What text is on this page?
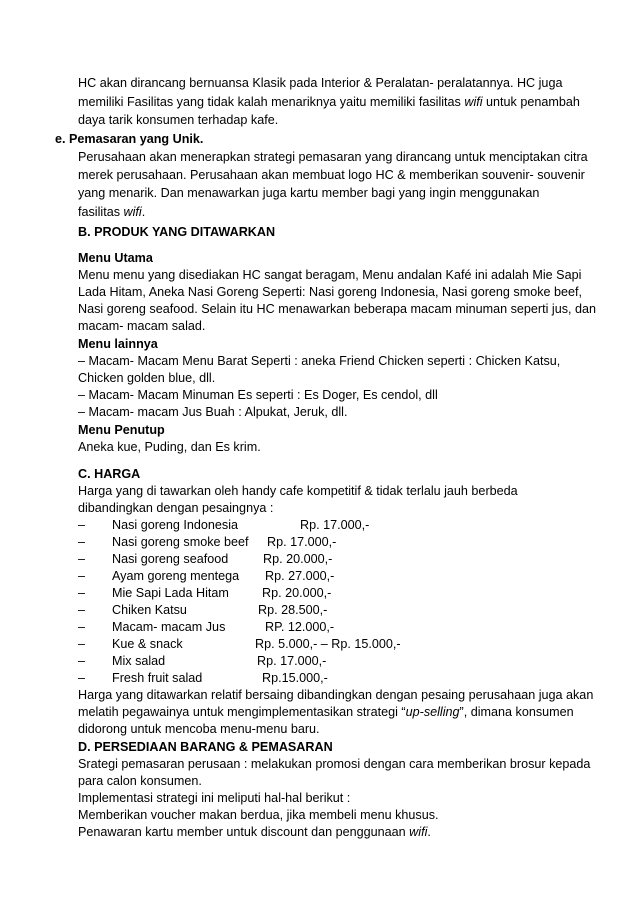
HC akan dirancang bernuansa Klasik pada Interior & Peralatan- peralatannya. HC juga
memiliki Fasilitas yang tidak kalah menariknya yaitu memiliki fasilitas wifi untuk penambah
daya tarik konsumen terhadap kafe.
e. Pemasaran yang Unik.
Perusahaan akan menerapkan strategi pemasaran yang dirancang untuk menciptakan citra
merek perusahaan. Perusahaan akan membuat logo HC & memberikan souvenir- souvenir
yang menarik. Dan menawarkan juga kartu member bagi yang ingin menggunakan
fasilitas wifi.
B. PRODUK YANG DITAWARKAN
Menu Utama
Menu menu yang disediakan HC sangat beragam, Menu andalan Kafé ini adalah Mie Sapi
Lada Hitam, Aneka Nasi Goreng Seperti: Nasi goreng Indonesia, Nasi goreng smoke beef,
Nasi goreng seafood. Selain itu HC menawarkan beberapa macam minuman seperti jus, dan
macam- macam salad.
Menu lainnya
– Macam- Macam Menu Barat Seperti : aneka Friend Chicken seperti : Chicken Katsu,
Chicken golden blue, dll.
– Macam- Macam Minuman Es seperti : Es Doger, Es cendol, dll
– Macam- macam Jus Buah : Alpukat, Jeruk, dll.
Menu Penutup
Aneka kue, Puding, dan Es krim.
C. HARGA
Harga yang di tawarkan oleh handy cafe kompetitif & tidak terlalu jauh berbeda
dibandingkan dengan pesaingnya :
– Nasi goreng Indonesia	Rp. 17.000,-
– Nasi goreng smoke beef Rp. 17.000,-
– Nasi goreng seafood	Rp. 20.000,-
– Ayam goreng mentega Rp. 27.000,-
– Mie Sapi Lada Hitam	Rp. 20.000,-
– Chiken Katsu	Rp. 28.500,-
– Macam- macam Jus	RP. 12.000,-
– Kue & snack	Rp. 5.000,- – Rp. 15.000,-
– Mix salad	Rp. 17.000,-
– Fresh fruit salad	Rp.15.000,-
Harga yang ditawarkan relatif bersaing dibandingkan dengan pesaing perusahaan juga akan
melatih pegawainya untuk mengimplementasikan strategi “up-selling”, dimana konsumen
didorong untuk mencoba menu-menu baru.
D. PERSEDIAAN BARANG & PEMASARAN
Srategi pemasaran perusaan : melakukan promosi dengan cara memberikan brosur kepada
para calon konsumen.
Implementasi strategi ini meliputi hal-hal berikut :
Memberikan voucher makan berdua, jika membeli menu khusus.
Penawaran kartu member untuk discount dan penggunaan wifi.
